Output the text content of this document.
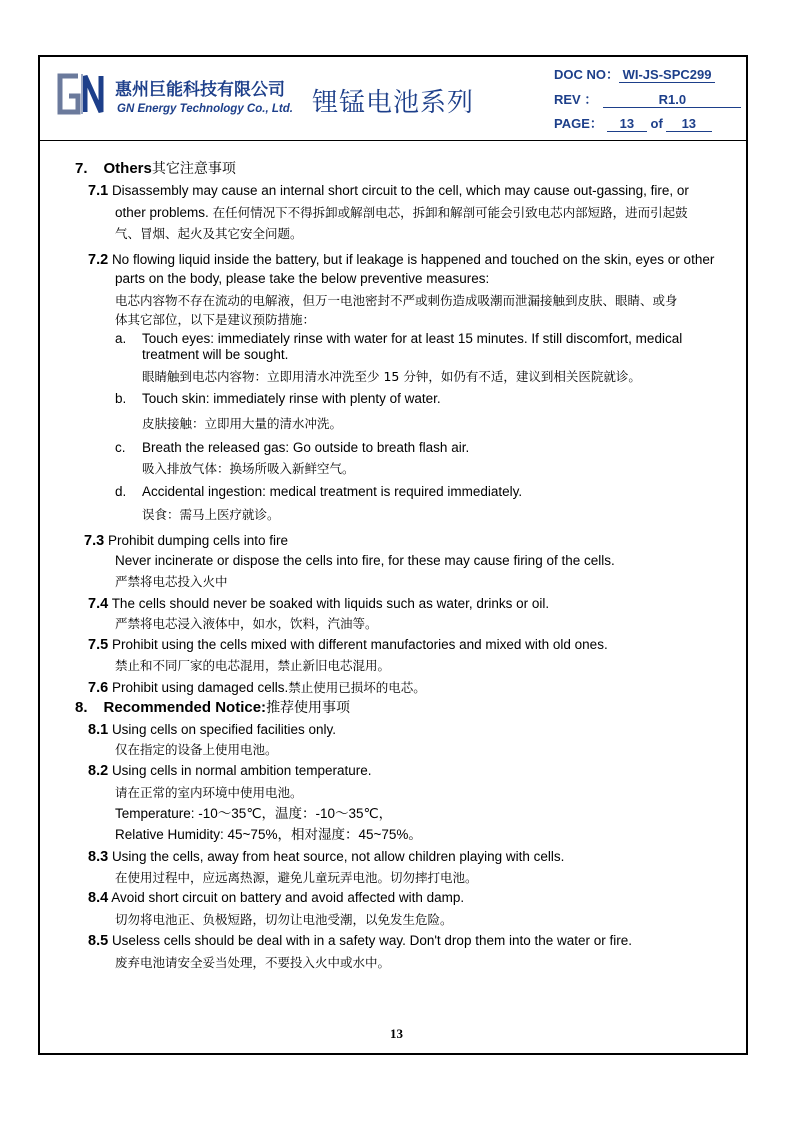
惠州巨能科技有限公司
GN Energy Technology Co., Ltd. 锂锰电池系列
DOC NO： WI-JS-SPC299
REV ：	R1.0
PAGE： 13 of 13
7. Others其它注意事项
7.1 Disassembly may cause an internal short circuit to the cell, which may cause out-gassing, fire, or
other problems. 在任何情况下不得拆卸或解剖电芯，拆卸和解剖可能会引致电芯内部短路，进而引起鼓
气、冒烟、起火及其它安全问题。
7.2 No flowing liquid inside the battery, but if leakage is happened and touched on the skin, eyes or other
parts on the body, please take the below preventive measures:
电芯内容物不存在流动的电解液，但万一电池密封不严或刺伤造成吸潮而泄漏接触到皮肤、眼睛、或身
体其它部位，以下是建议预防措施：
a. Touch eyes: immediately rinse with water for at least 15 minutes. If still discomfort, medical
treatment will be sought.
眼睛触到电芯内容物：立即用清水冲洗至少 15 分钟，如仍有不适，建议到相关医院就诊。
b. Touch skin: immediately rinse with plenty of water.
皮肤接触：立即用大量的清水冲洗。
c. Breath the released gas: Go outside to breath flash air.
吸入排放气体：换场所吸入新鲜空气。
d. Accidental ingestion: medical treatment is required immediately.
误食：需马上医疗就诊。
7.3 Prohibit dumping cells into fire
Never incinerate or dispose the cells into fire, for these may cause firing of the cells.
严禁将电芯投入火中
7.4 The cells should never be soaked with liquids such as water, drinks or oil.
严禁将电芯浸入液体中，如水，饮料，汽油等。
7.5 Prohibit using the cells mixed with different manufactories and mixed with old ones.
禁止和不同厂家的电芯混用，禁止新旧电芯混用。
7.6 Prohibit using damaged cells.禁止使用已损坏的电芯。
8. Recommended Notice:推荐使用事项
8.1 Using cells on specified facilities only.
仅在指定的设备上使用电池。
8.2 Using cells in normal ambition temperature.
请在正常的室内环境中使用电池。
Temperature: -10～35℃，温度：-10～35℃，
Relative Humidity: 45~75%，相对湿度：45~75%。
8.3 Using the cells, away from heat source, not allow children playing with cells.
在使用过程中，应远离热源，避免儿童玩弄电池。切勿摔打电池。
8.4 Avoid short circuit on battery and avoid affected with damp.
切勿将电池正、负极短路，切勿让电池受潮，以免发生危险。
8.5 Useless cells should be deal with in a safety way. Don't drop them into the water or fire.
废弃电池请安全妥当处理，不要投入火中或水中。
13
